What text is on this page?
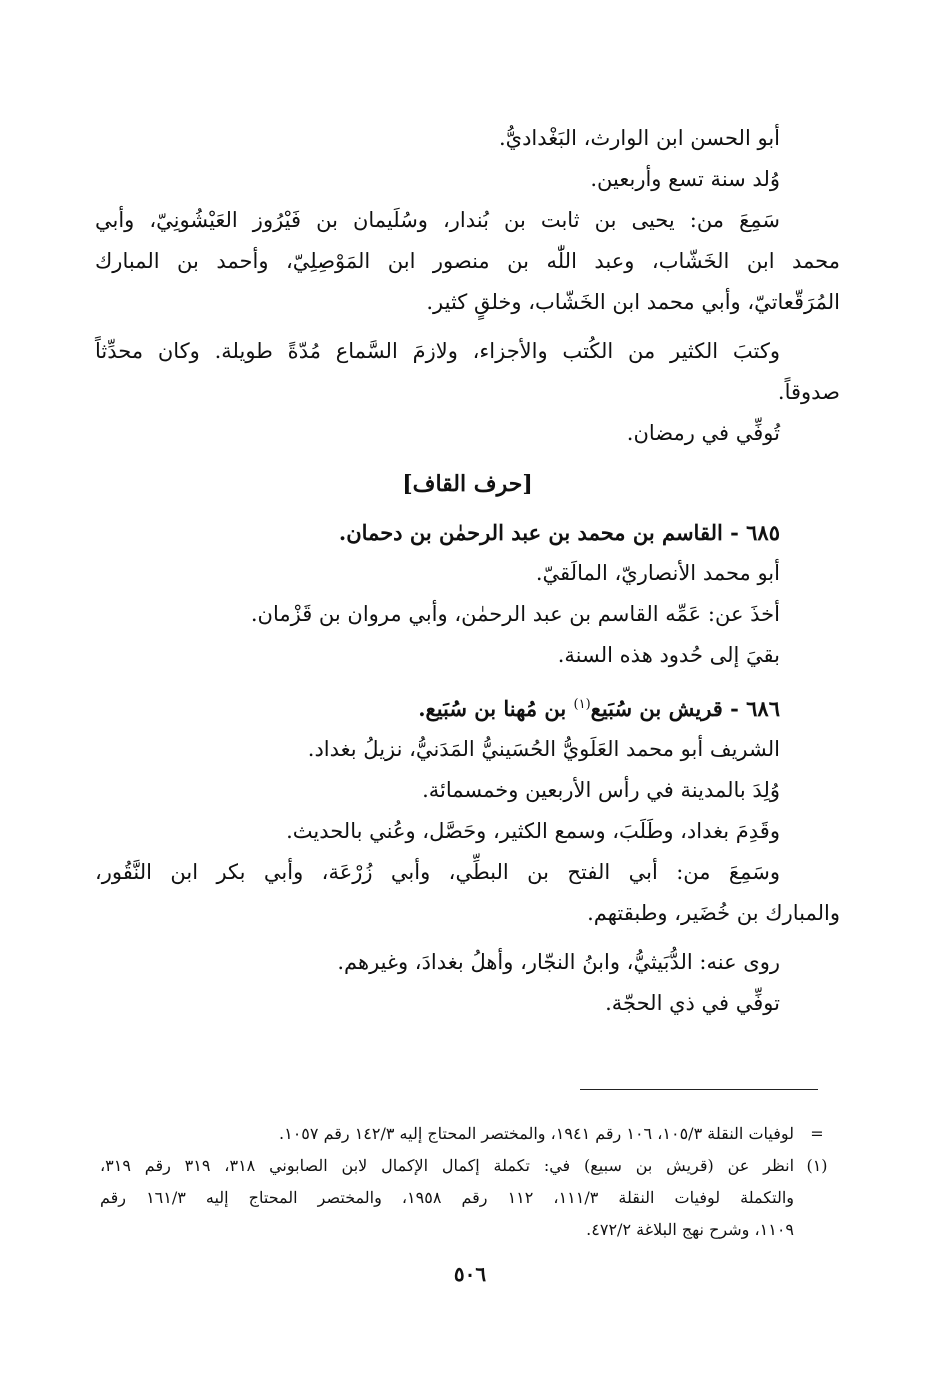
أبو الحسن ابن الوارث، البَغْداديُّ.
وُلد سنة تسع وأربعين.
سَمِعَ من: يحيى بن ثابت بن بُندار، وسُلَيمان بن فَيْرُوز العَيْشُونِيّ، وأبي
محمد ابن الخَشّاب، وعبد اللّٰه بن منصور ابن المَوْصِلِيّ، وأحمد بن المبارك
المُرَقّعاتيّ، وأبي محمد ابن الخَشّاب، وخلقٍ كثير.
وكتبَ الكثير من الكُتب والأجزاء، ولازمَ السَّماع مُدّةً طويلة. وكان محدِّثاً
صدوقاً.
تُوفِّي في رمضان.
[حرف القاف]
٦٨٥ - القاسم بن محمد بن عبد الرحمٰن بن دحمان.
أبو محمد الأنصاريّ، المالَقيّ.
أخذَ عن: عَمِّه القاسم بن عبد الرحمٰن، وأبي مروان بن قَزْمان.
بقيَ إلى حُدود هذه السنة.
٦٨٦ - قريش بن سُبَيع$^{(١)}$ بن مُهنا بن سُبَيع.
الشريف أبو محمد العَلَويُّ الحُسَينيُّ المَدَنيُّ، نزيلُ بغداد.
وُلِدَ بالمدينة في رأس الأربعين وخمسمائة.
وقَدِمَ بغداد، وطَلَبَ، وسمع الكثير، وحَصَّل، وعُني بالحديث.
وسَمِعَ من: أبي الفتح بن البطِّي، وأبي زُرْعَة، وأبي بكر ابن النَّقُور،
والمبارك بن خُضَير، وطبقتهم.
روى عنه: الدُّبَيثيُّ، وابنُ النجّار، وأهلُ بغدادَ، وغيرهم.
توفِّي في ذي الحجّة.
=
لوفيات النقلة ١٠٥/٣، ١٠٦ رقم ١٩٤١، والمختصر المحتاج إليه ١٤٢/٣ رقم ١٠٥٧.
(١)
انظر عن (قريش بن سبيع) في: تكملة إكمال الإكمال لابن الصابوني ٣١٨، ٣١٩ رقم ٣١٩،
والتكملة لوفيات النقلة ١١١/٣، ١١٢ رقم ١٩٥٨، والمختصر المحتاج إليه ١٦١/٣ رقم
١١٠٩، وشرح نهج البلاغة ٤٧٢/٢.
٥٠٦
